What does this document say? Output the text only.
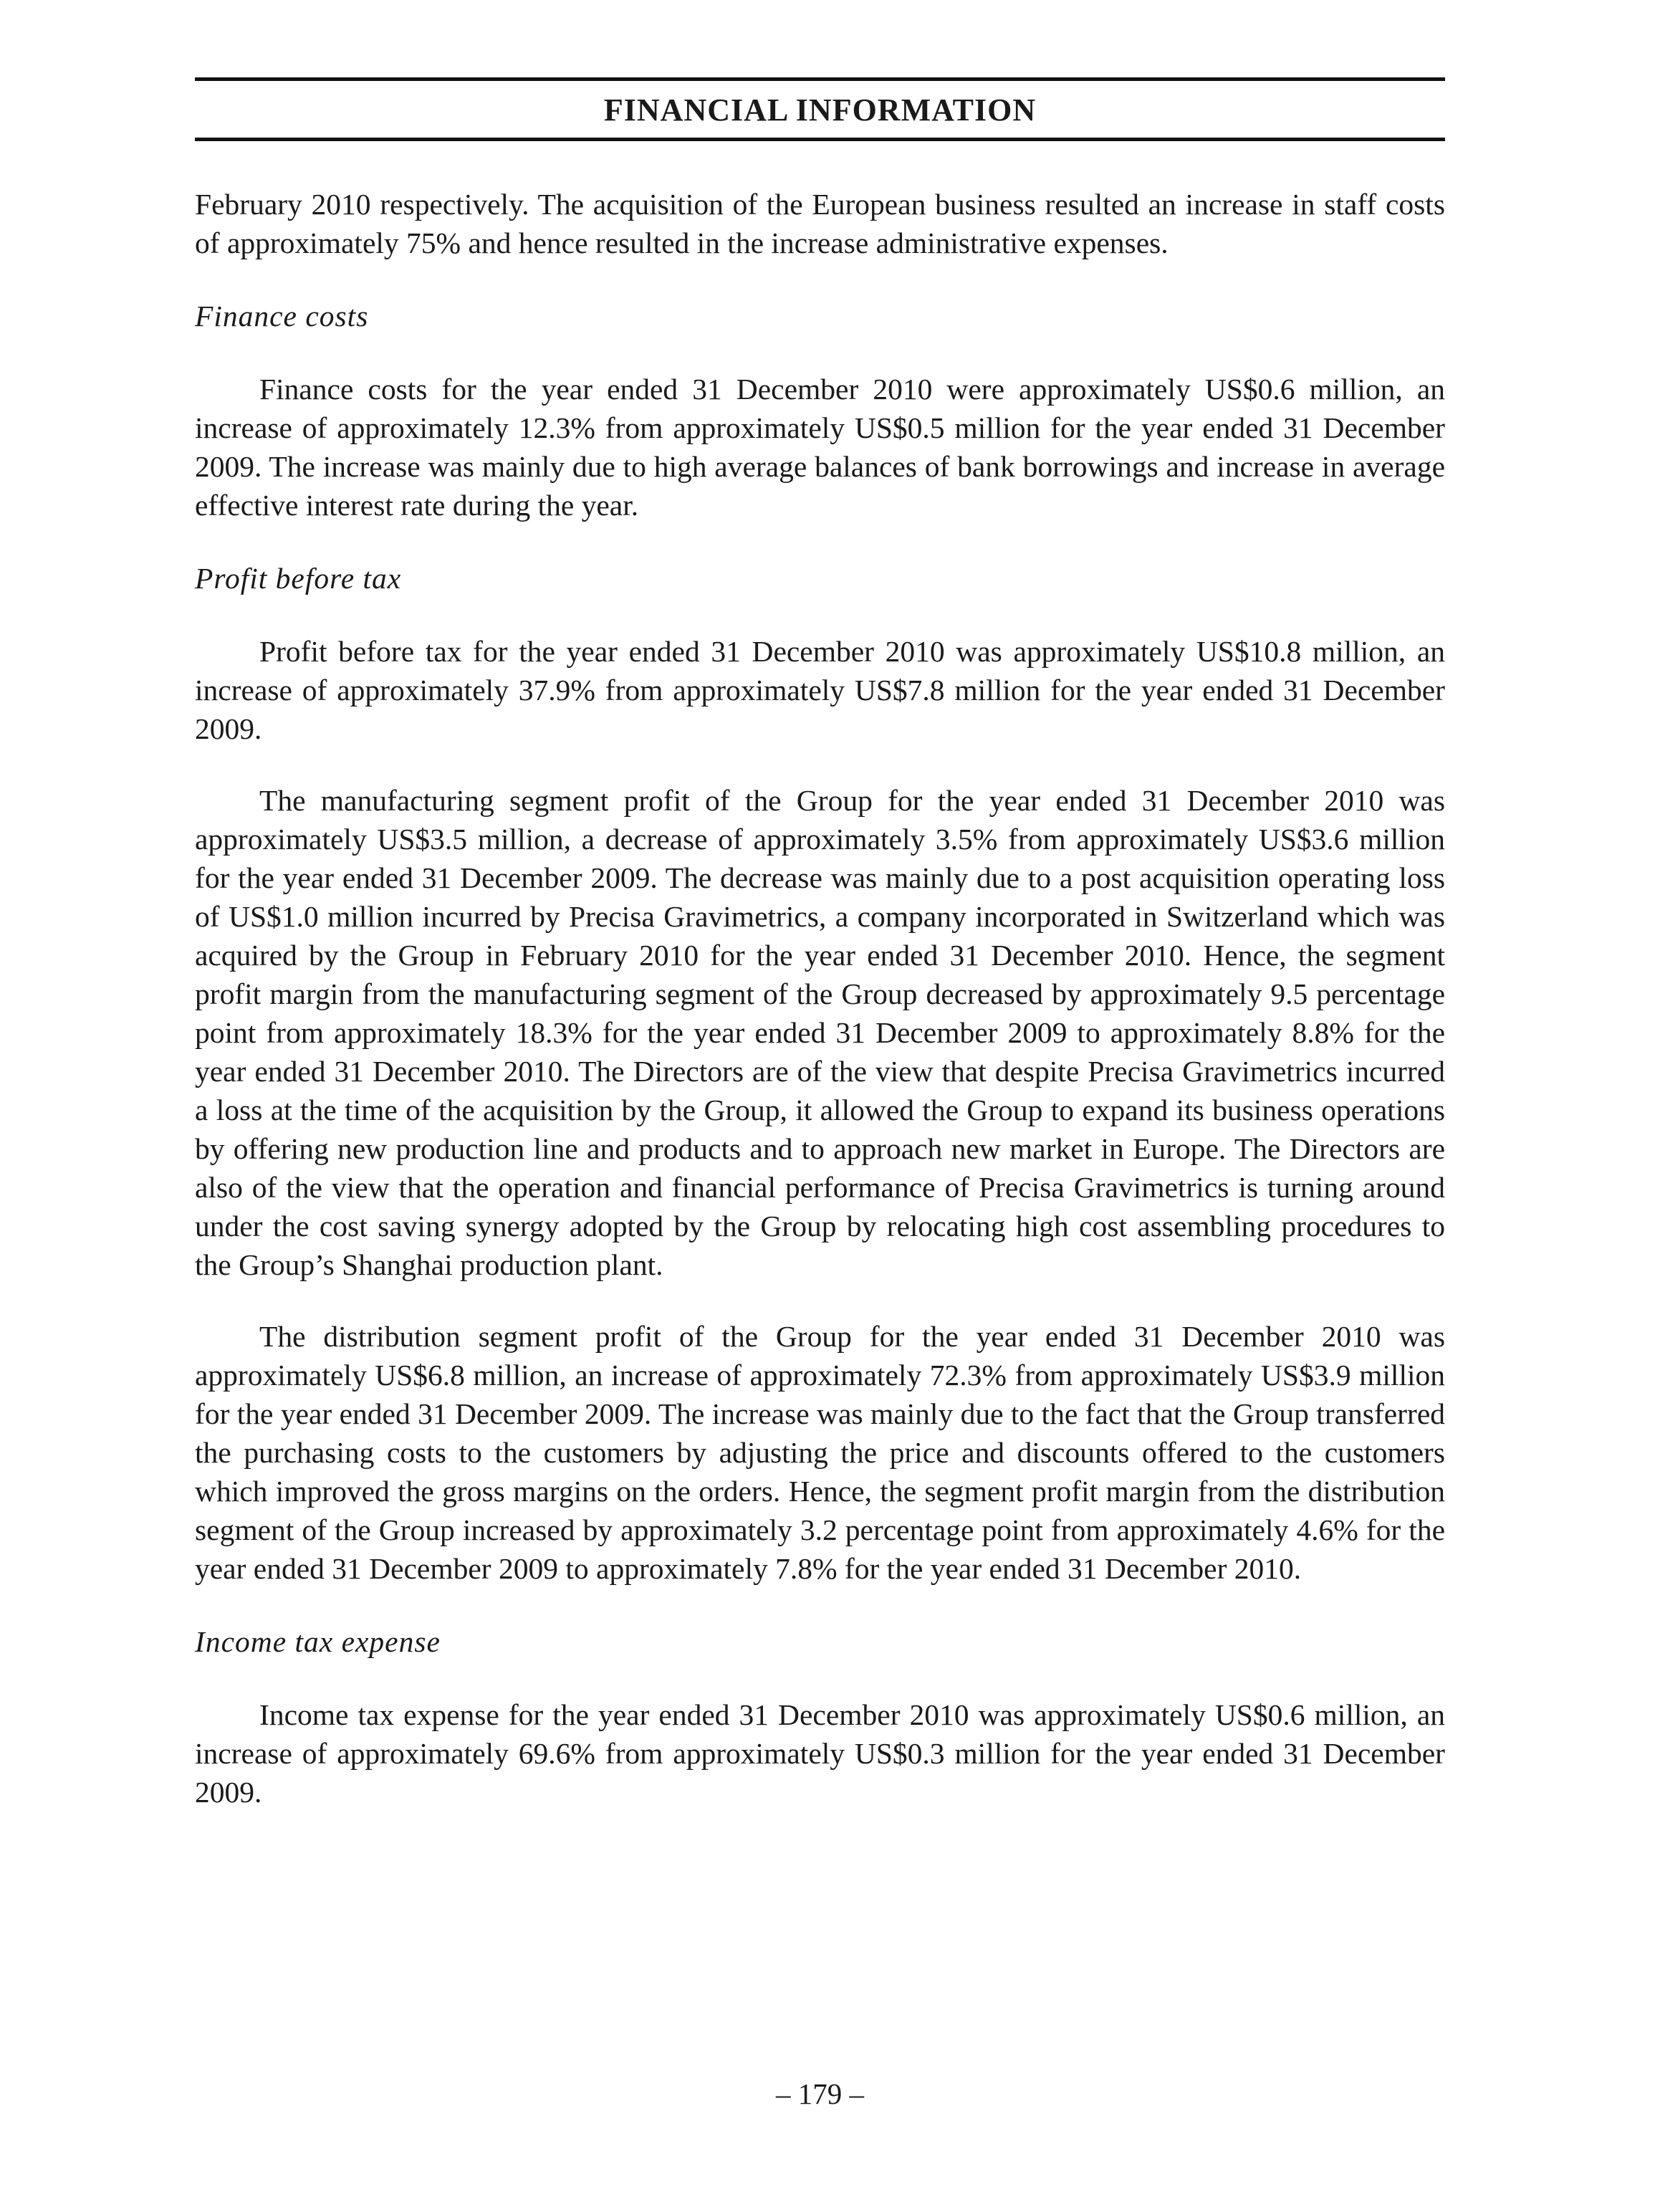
FINANCIAL INFORMATION

February 2010 respectively. The acquisition of the European business resulted an increase in staff costs of approximately 75% and hence resulted in the increase administrative expenses.

Finance costs

Finance costs for the year ended 31 December 2010 were approximately US$0.6 million, an increase of approximately 12.3% from approximately US$0.5 million for the year ended 31 December 2009. The increase was mainly due to high average balances of bank borrowings and increase in average effective interest rate during the year.

Profit before tax

Profit before tax for the year ended 31 December 2010 was approximately US$10.8 million, an increase of approximately 37.9% from approximately US$7.8 million for the year ended 31 December 2009.

The manufacturing segment profit of the Group for the year ended 31 December 2010 was approximately US$3.5 million, a decrease of approximately 3.5% from approximately US$3.6 million for the year ended 31 December 2009. The decrease was mainly due to a post acquisition operating loss of US$1.0 million incurred by Precisa Gravimetrics, a company incorporated in Switzerland which was acquired by the Group in February 2010 for the year ended 31 December 2010. Hence, the segment profit margin from the manufacturing segment of the Group decreased by approximately 9.5 percentage point from approximately 18.3% for the year ended 31 December 2009 to approximately 8.8% for the year ended 31 December 2010. The Directors are of the view that despite Precisa Gravimetrics incurred a loss at the time of the acquisition by the Group, it allowed the Group to expand its business operations by offering new production line and products and to approach new market in Europe. The Directors are also of the view that the operation and financial performance of Precisa Gravimetrics is turning around under the cost saving synergy adopted by the Group by relocating high cost assembling procedures to the Group’s Shanghai production plant.

The distribution segment profit of the Group for the year ended 31 December 2010 was approximately US$6.8 million, an increase of approximately 72.3% from approximately US$3.9 million for the year ended 31 December 2009. The increase was mainly due to the fact that the Group transferred the purchasing costs to the customers by adjusting the price and discounts offered to the customers which improved the gross margins on the orders. Hence, the segment profit margin from the distribution segment of the Group increased by approximately 3.2 percentage point from approximately 4.6% for the year ended 31 December 2009 to approximately 7.8% for the year ended 31 December 2010.

Income tax expense

Income tax expense for the year ended 31 December 2010 was approximately US$0.6 million, an increase of approximately 69.6% from approximately US$0.3 million for the year ended 31 December 2009.

– 179 –
